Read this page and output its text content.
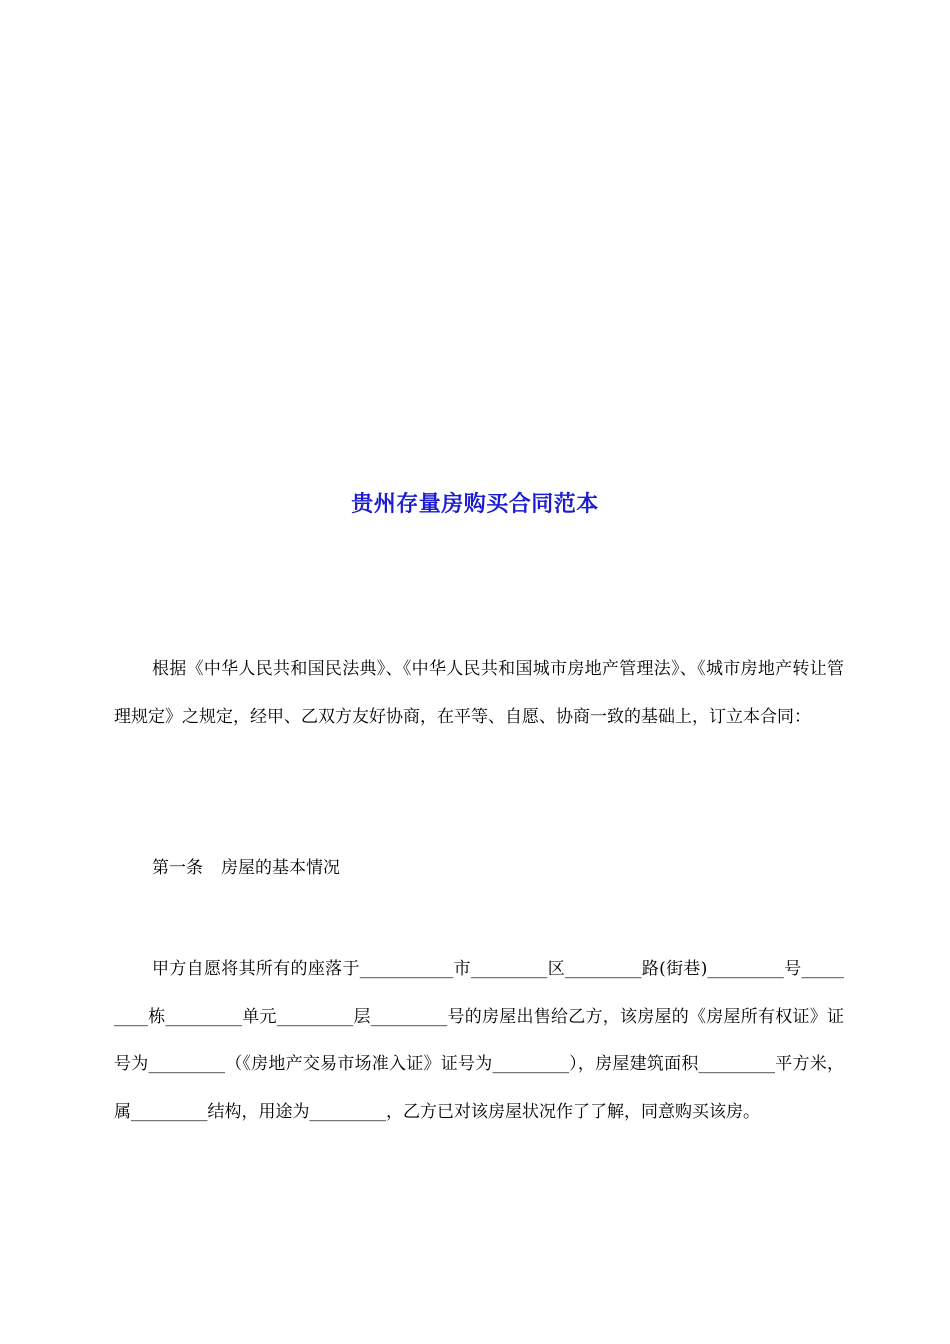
贵州存量房购买合同范本

根据《中华人民共和国民法典》、《中华人民共和国城市房地产管理法》、《城市房地产转让管理规定》之规定，经甲、乙双方友好协商，在平等、自愿、协商一致的基础上，订立本合同：

第一条 房屋的基本情况

甲方自愿将其所有的座落于___________市_________区_________路(街巷)_________号_________栋_________单元_________层_________号的房屋出售给乙方，该房屋的《房屋所有权证》证号为_________（《房地产交易市场准入证》证号为_________），房屋建筑面积_________平方米，属_________结构，用途为_________，乙方已对该房屋状况作了了解，同意购买该房。
